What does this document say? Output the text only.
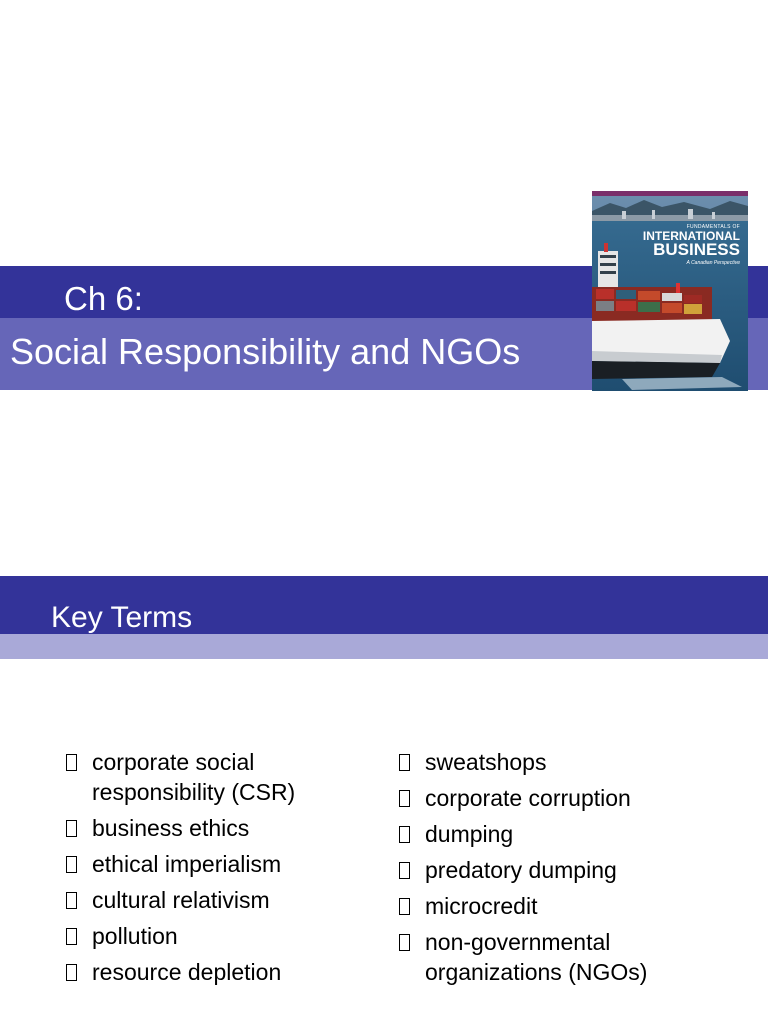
Ch 6:
Social Responsibility and NGOs
FUNDAMENTALS OF
INTERNATIONAL
BUSINESS
A Canadian Perspective
Key Terms
corporate social responsibility (CSR)
business ethics
ethical imperialism
cultural relativism
pollution
resource depletion
sweatshops
corporate corruption
dumping
predatory dumping
microcredit
non-governmental organizations (NGOs)
